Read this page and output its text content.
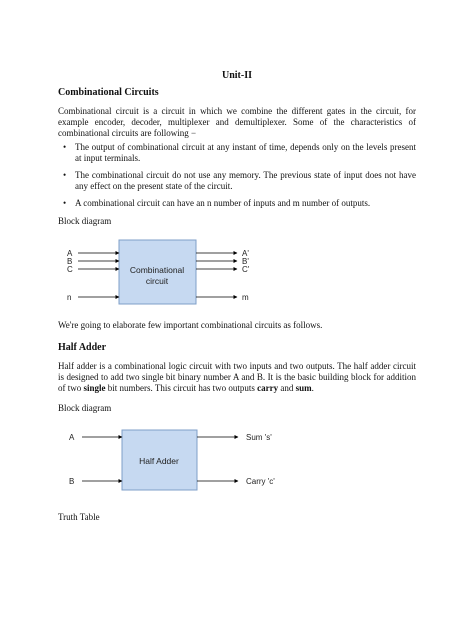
Unit-II
Combinational Circuits

Combinational circuit is a circuit in which we combine the different gates in the circuit, for example encoder, decoder, multiplexer and demultiplexer. Some of the characteristics of combinational circuits are following −

• The output of combinational circuit at any instant of time, depends only on the levels present at input terminals.
• The combinational circuit do not use any memory. The previous state of input does not have any effect on the present state of the circuit.
• A combinational circuit can have an n number of inputs and m number of outputs.
Block diagram
Combinational
circuit
A
B
C
n
A'
B'
C'
m

We're going to elaborate few important combinational circuits as follows.

Half Adder

Half adder is a combinational logic circuit with two inputs and two outputs. The half adder circuit is designed to add two single bit binary number A and B. It is the basic building block for addition of two single bit numbers. This circuit has two outputs carry and sum.

Block diagram
Half Adder
A
B
Sum 's'
Carry 'c'
Truth Table
